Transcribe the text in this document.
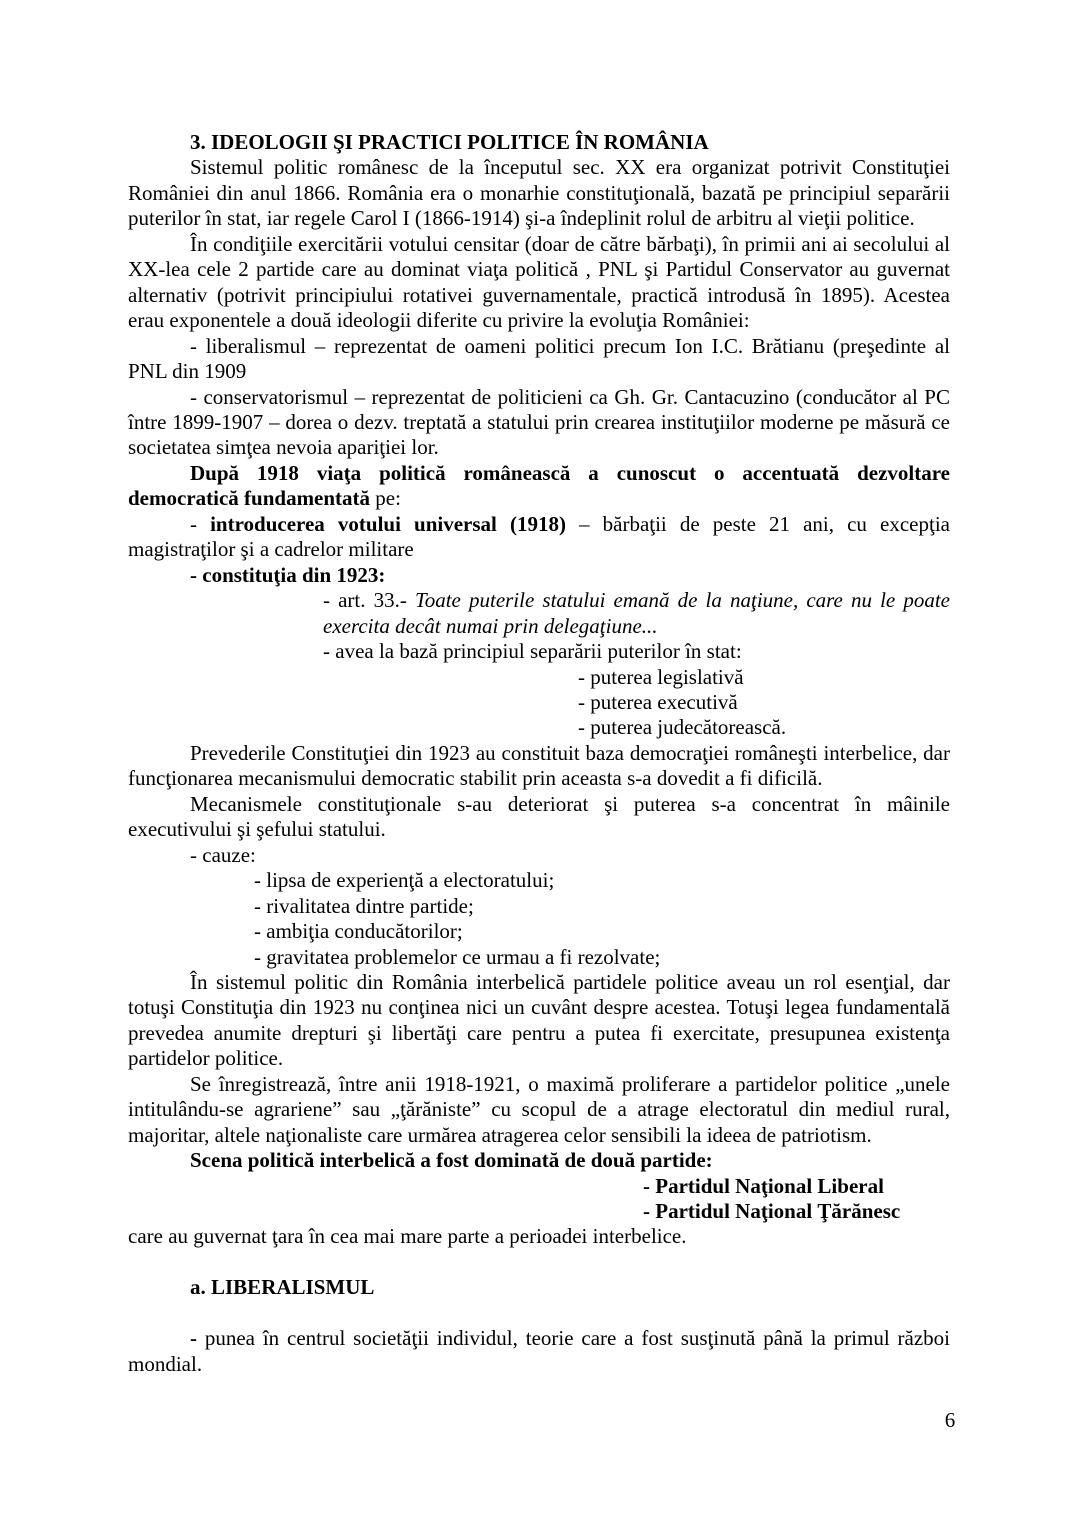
3. IDEOLOGII ŞI PRACTICI POLITICE ÎN ROMÂNIA

Sistemul politic românesc de la începutul sec. XX era organizat potrivit Constituţiei României din anul 1866. România era o monarhie constituţională, bazată pe principiul separării puterilor în stat, iar regele Carol I (1866-1914) şi-a îndeplinit rolul de arbitru al vieţii politice.

În condiţiile exercitării votului censitar (doar de către bărbaţi), în primii ani ai secolului al XX-lea cele 2 partide care au dominat viaţa politică , PNL şi Partidul Conservator au guvernat alternativ (potrivit principiului rotativei guvernamentale, practică introdusă în 1895). Acestea erau exponentele a două ideologii diferite cu privire la evoluţia României:

- liberalismul – reprezentat de oameni politici precum Ion I.C. Brătianu (preşedinte al PNL din 1909

- conservatorismul – reprezentat de politicieni ca Gh. Gr. Cantacuzino (conducător al PC între 1899-1907 – dorea o dezv. treptată a statului prin crearea instituţiilor moderne pe măsură ce societatea simţea nevoia apariţiei lor.

După 1918 viaţa politică românească a cunoscut o accentuată dezvoltare democratică fundamentată pe:

- introducerea votului universal (1918) – bărbaţii de peste 21 ani, cu excepţia magistraţilor şi a cadrelor militare

- constituţia din 1923:

- art. 33.- Toate puterile statului emană de la naţiune, care nu le poate exercita decât numai prin delegaţiune...

- avea la bază principiul separării puterilor în stat:

- puterea legislativă

- puterea executivă

- puterea judecătorească.

Prevederile Constituţiei din 1923 au constituit baza democraţiei româneşti interbelice, dar funcţionarea mecanismului democratic stabilit prin aceasta s-a dovedit a fi dificilă.

Mecanismele constituţionale s-au deteriorat şi puterea s-a concentrat în mâinile executivului şi şefului statului.

- cauze:

- lipsa de experienţă a electoratului;

- rivalitatea dintre partide;

- ambiţia conducătorilor;

- gravitatea problemelor ce urmau a fi rezolvate;

În sistemul politic din România interbelică partidele politice aveau un rol esenţial, dar totuşi Constituţia din 1923 nu conţinea nici un cuvânt despre acestea. Totuşi legea fundamentală prevedea anumite drepturi şi libertăţi care pentru a putea fi exercitate, presupunea existenţa partidelor politice.

Se înregistrează, între anii 1918-1921, o maximă proliferare a partidelor politice „unele intitulându-se agrariene” sau „ţărăniste” cu scopul de a atrage electoratul din mediul rural, majoritar, altele naţionaliste care urmărea atragerea celor sensibili la ideea de patriotism.

Scena politică interbelică a fost dominată de două partide:

- Partidul Naţional Liberal

- Partidul Naţional Ţărănesc

care au guvernat ţara în cea mai mare parte a perioadei interbelice.

a. LIBERALISMUL

- punea în centrul societăţii individul, teorie care a fost susţinută până la primul război mondial.

6
